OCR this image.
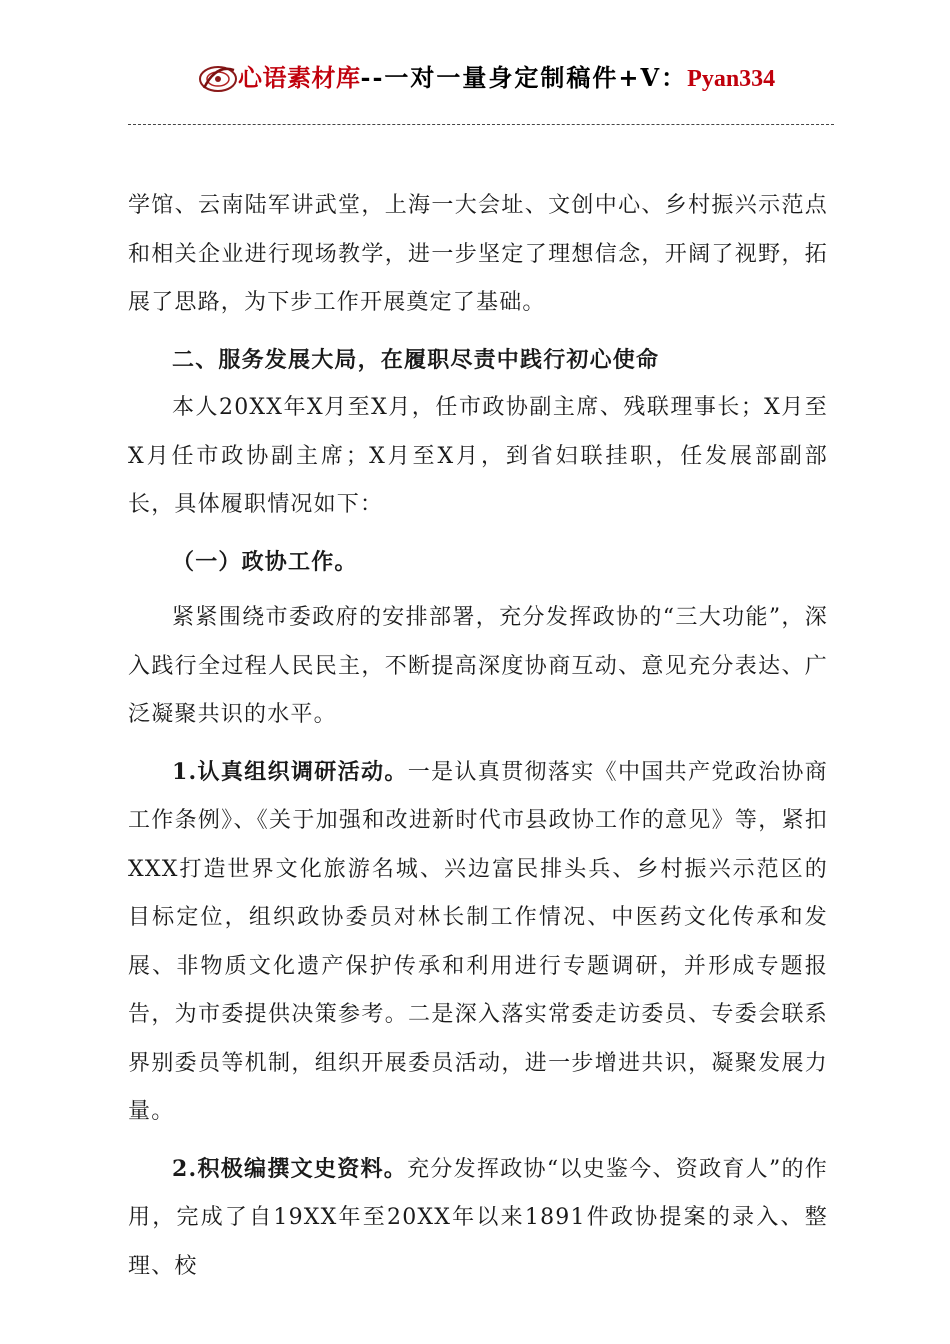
心语素材库--一对一量身定制稿件+V：Pyan334

学馆、云南陆军讲武堂，上海一大会址、文创中心、乡村振兴示范点和相关企业进行现场教学，进一步坚定了理想信念，开阔了视野，拓展了思路，为下步工作开展奠定了基础。

二、服务发展大局，在履职尽责中践行初心使命

本人20XX年X月至X月，任市政协副主席、残联理事长；X月至X月任市政协副主席；X月至X月，到省妇联挂职，任发展部副部长，具体履职情况如下：

（一）政协工作。

紧紧围绕市委政府的安排部署，充分发挥政协的“三大功能”，深入践行全过程人民民主，不断提高深度协商互动、意见充分表达、广泛凝聚共识的水平。

1.认真组织调研活动。一是认真贯彻落实《中国共产党政治协商工作条例》、《关于加强和改进新时代市县政协工作的意见》等，紧扣XXX打造世界文化旅游名城、兴边富民排头兵、乡村振兴示范区的目标定位，组织政协委员对林长制工作情况、中医药文化传承和发展、非物质文化遗产保护传承和利用进行专题调研，并形成专题报告，为市委提供决策参考。二是深入落实常委走访委员、专委会联系界别委员等机制，组织开展委员活动，进一步增进共识，凝聚发展力量。

2.积极编撰文史资料。充分发挥政协“以史鉴今、资政育人”的作用，完成了自19XX年至20XX年以来1891件政协提案的录入、整理、校
